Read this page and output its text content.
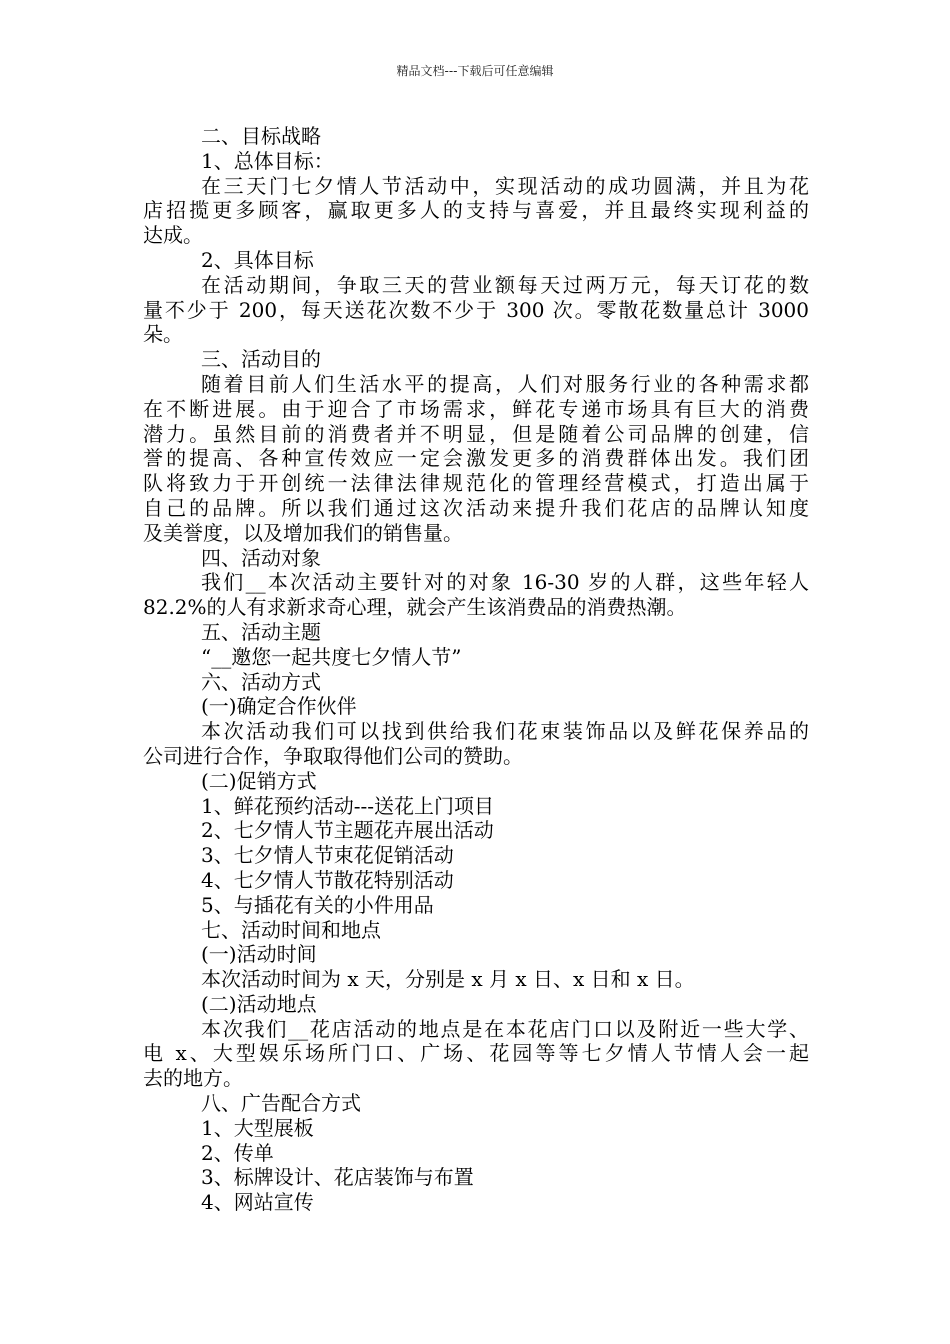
精品文档---下载后可任意编辑
二、目标战略
1、总体目标：
在三天门七夕情人节活动中，实现活动的成功圆满，并且为花
店招揽更多顾客，赢取更多人的支持与喜爱，并且最终实现利益的
达成。
2、具体目标
在活动期间，争取三天的营业额每天过两万元，每天订花的数
量不少于 200，每天送花次数不少于 300 次。零散花数量总计 3000
朵。
三、活动目的
随着目前人们生活水平的提高，人们对服务行业的各种需求都
在不断进展。由于迎合了市场需求，鲜花专递市场具有巨大的消费
潜力。虽然目前的消费者并不明显，但是随着公司品牌的创建，信
誉的提高、各种宣传效应一定会激发更多的消费群体出发。我们团
队将致力于开创统一法律法律规范化的管理经营模式，打造出属于
自己的品牌。所以我们通过这次活动来提升我们花店的品牌认知度
及美誉度，以及增加我们的销售量。
四、活动对象
我们__本次活动主要针对的对象 16-30 岁的人群，这些年轻人
82.2%的人有求新求奇心理，就会产生该消费品的消费热潮。
五、活动主题
“__邀您一起共度七夕情人节”
六、活动方式
(一)确定合作伙伴
本次活动我们可以找到供给我们花束装饰品以及鲜花保养品的
公司进行合作，争取取得他们公司的赞助。
(二)促销方式
1、鲜花预约活动---送花上门项目
2、七夕情人节主题花卉展出活动
3、七夕情人节束花促销活动
4、七夕情人节散花特别活动
5、与插花有关的小件用品
七、活动时间和地点
(一)活动时间
本次活动时间为 x 天，分别是 x 月 x 日、x 日和 x 日。
(二)活动地点
本次我们__花店活动的地点是在本花店门口以及附近一些大学、
电 x、大型娱乐场所门口、广场、花园等等七夕情人节情人会一起
去的地方。
八、广告配合方式
1、大型展板
2、传单
3、标牌设计、花店装饰与布置
4、网站宣传
